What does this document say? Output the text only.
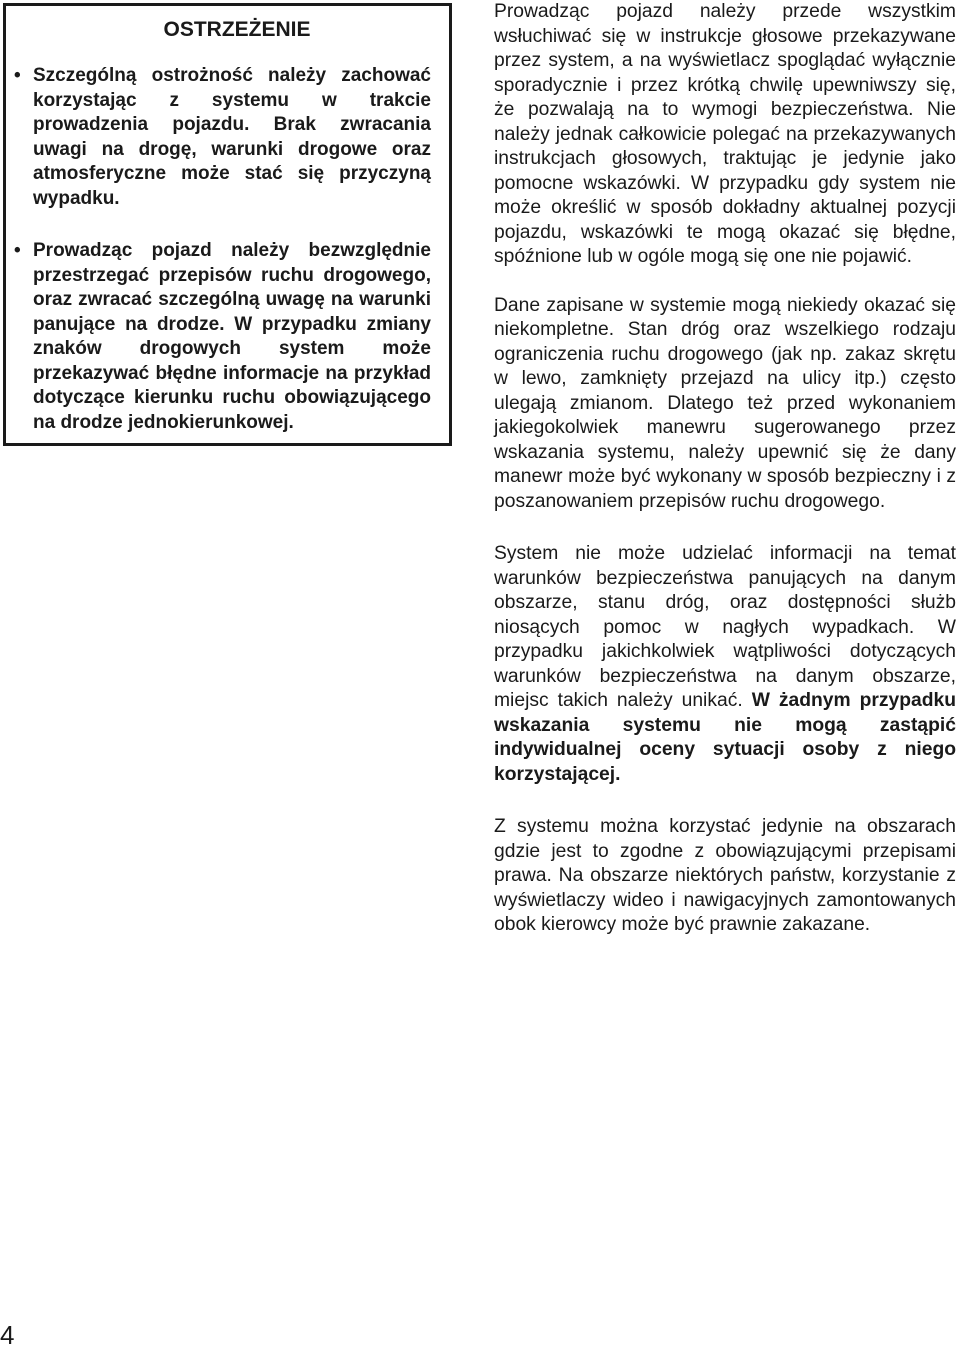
OSTRZEŻENIE
• Szczególną ostrożność należy zachować korzystając z systemu w trakcie prowadzenia pojazdu. Brak zwracania uwagi na drogę, warunki drogowe oraz atmosferyczne może stać się przyczyną wypadku.
• Prowadząc pojazd należy bezwzględnie przestrzegać przepisów ruchu drogowego, oraz zwracać szczególną uwagę na warunki panujące na drodze. W przypadku zmiany znaków drogowych system może przekazywać błędne informacje na przykład dotyczące kierunku ruchu obowiązującego na drodze jednokierunkowej.

Prowadząc pojazd należy przede wszystkim wsłuchiwać się w instrukcje głosowe przekazywane przez system, a na wyświetlacz spoglądać wyłącznie sporadycznie i przez krótką chwilę upewniwszy się, że pozwalają na to wymogi bezpieczeństwa. Nie należy jednak całkowicie polegać na przekazywanych instrukcjach głosowych, traktując je jedynie jako pomocne wskazówki. W przypadku gdy system nie może określić w sposób dokładny aktualnej pozycji pojazdu, wskazówki te mogą okazać się błędne, spóźnione lub w ogóle mogą się one nie pojawić.

Dane zapisane w systemie mogą niekiedy okazać się niekompletne. Stan dróg oraz wszelkiego rodzaju ograniczenia ruchu drogowego (jak np. zakaz skrętu w lewo, zamknięty przejazd na ulicy itp.) często ulegają zmianom. Dlatego też przed wykonaniem jakiegokolwiek manewru sugerowanego przez wskazania systemu, należy upewnić się że dany manewr może być wykonany w sposób bezpieczny i z poszanowaniem przepisów ruchu drogowego.

System nie może udzielać informacji na temat warunków bezpieczeństwa panujących na danym obszarze, stanu dróg, oraz dostępności służb niosących pomoc w nagłych wypadkach. W przypadku jakichkolwiek wątpliwości dotyczących warunków bezpieczeństwa na danym obszarze, miejsc takich należy unikać. W żadnym przypadku wskazania systemu nie mogą zastąpić indywidualnej oceny sytuacji osoby z niego korzystającej.

Z systemu można korzystać jedynie na obszarach gdzie jest to zgodne z obowiązującymi przepisami prawa. Na obszarze niektórych państw, korzystanie z wyświetlaczy wideo i nawigacyjnych zamontowanych obok kierowcy może być prawnie zakazane.

4
